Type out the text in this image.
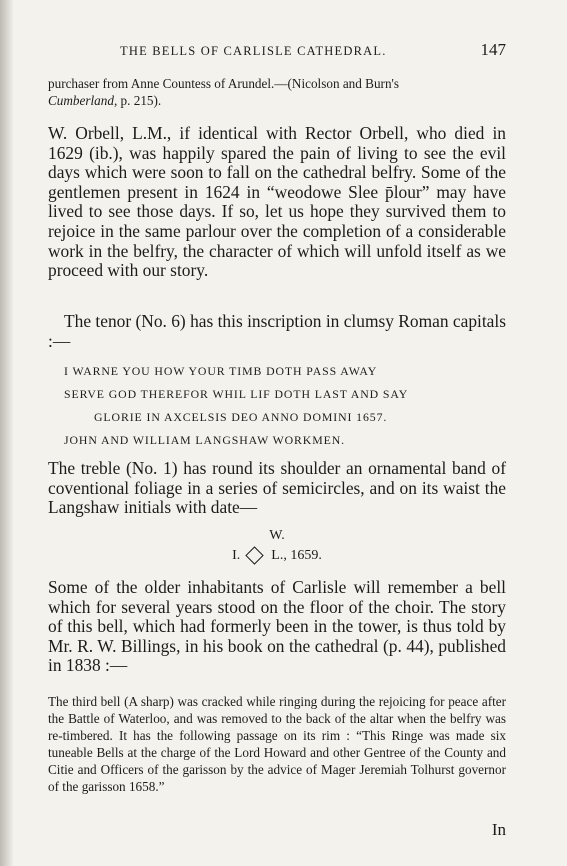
THE BELLS OF CARLISLE CATHEDRAL.	147
purchaser from Anne Countess of Arundel.—(Nicolson and Burn's
Cumberland, p. 215).
W. Orbell, L.M., if identical with Rector Orbell, who died in 1629 (ib.), was happily spared the pain of living to see the evil days which were soon to fall on the cathedral belfry. Some of the gentlemen present in 1624 in “weodowe Slee p̄lour” may have lived to see those days. If so, let us hope they survived them to rejoice in the same parlour over the completion of a considerable work in the belfry, the character of which will unfold itself as we proceed with our story.
The tenor (No. 6) has this inscription in clumsy Roman capitals :—
I WARNE YOU HOW YOUR TIMB DOTH PASS AWAY
SERVE GOD THEREFOR WHIL LIF DOTH LAST AND SAY
GLORIE IN AXCELSIS DEO ANNO DOMINI 1657.
JOHN AND WILLIAM LANGSHAW WORKMEN.
The treble (No. 1) has round its shoulder an ornamental band of coventional foliage in a series of semicircles, and on its waist the Langshaw initials with date—
W.
I. L., 1659.
Some of the older inhabitants of Carlisle will remember a bell which for several years stood on the floor of the choir. The story of this bell, which had formerly been in the tower, is thus told by Mr. R. W. Billings, in his book on the cathedral (p. 44), published in 1838 :—
The third bell (A sharp) was cracked while ringing during the rejoicing for peace after the Battle of Waterloo, and was removed to the back of the altar when the belfry was re-timbered. It has the following passage on its rim : “This Ringe was made six tuneable Bells at the charge of the Lord Howard and other Gentree of the County and Citie and Officers of the garisson by the advice of Mager Jeremiah Tolhurst governor of the garisson 1658.”
In
